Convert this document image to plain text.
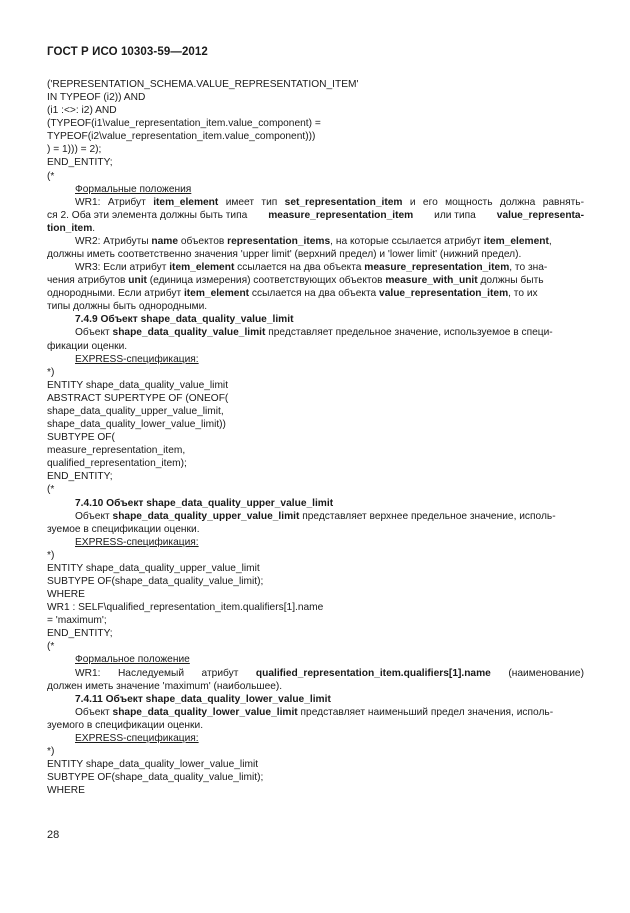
ГОСТ Р ИСО 10303-59—2012
('REPRESENTATION_SCHEMA.VALUE_REPRESENTATION_ITEM'
IN TYPEOF (i2)) AND
(i1 :<>: i2) AND
(TYPEOF(i1\value_representation_item.value_component) =
TYPEOF(i2\value_representation_item.value_component)))
) = 1))) = 2);
END_ENTITY;
(*
Формальные положения
WR1: Атрибут item_element имеет тип set_representation_item и его мощность должна равнять-
ся 2. Оба эти элемента должны быть типа measure_representation_item или типа value_representa-
tion_item.
WR2: Атрибуты name объектов representation_items, на которые ссылается атрибут item_element,
должны иметь соответственно значения 'upper limit' (верхний предел) и 'lower limit' (нижний предел).
WR3: Если атрибут item_element ссылается на два объекта measure_representation_item, то зна-
чения атрибутов unit (единица измерения) соответствующих объектов measure_with_unit должны быть
однородными. Если атрибут item_element ссылается на два объекта value_representation_item, то их
типы должны быть однородными.
7.4.9 Объект shape_data_quality_value_limit
Объект shape_data_quality_value_limit представляет предельное значение, используемое в специ-
фикации оценки.
EXPRESS-спецификация:
*)
ENTITY shape_data_quality_value_limit
ABSTRACT SUPERTYPE OF (ONEOF(
shape_data_quality_upper_value_limit,
shape_data_quality_lower_value_limit))
SUBTYPE OF(
measure_representation_item,
qualified_representation_item);
END_ENTITY;
(*
7.4.10 Объект shape_data_quality_upper_value_limit
Объект shape_data_quality_upper_value_limit представляет верхнее предельное значение, исполь-
зуемое в спецификации оценки.
EXPRESS-спецификация:
*)
ENTITY shape_data_quality_upper_value_limit
SUBTYPE OF(shape_data_quality_value_limit);
WHERE
WR1 : SELF\qualified_representation_item.qualifiers[1].name
= 'maximum';
END_ENTITY;
(*
Формальное положение
WR1: Наследуемый атрибут qualified_representation_item.qualifiers[1].name (наименование)
должен иметь значение 'maximum' (наибольшее).
7.4.11 Объект shape_data_quality_lower_value_limit
Объект shape_data_quality_lower_value_limit представляет наименьший предел значения, исполь-
зуемого в спецификации оценки.
EXPRESS-спецификация:
*)
ENTITY shape_data_quality_lower_value_limit
SUBTYPE OF(shape_data_quality_value_limit);
WHERE
28
